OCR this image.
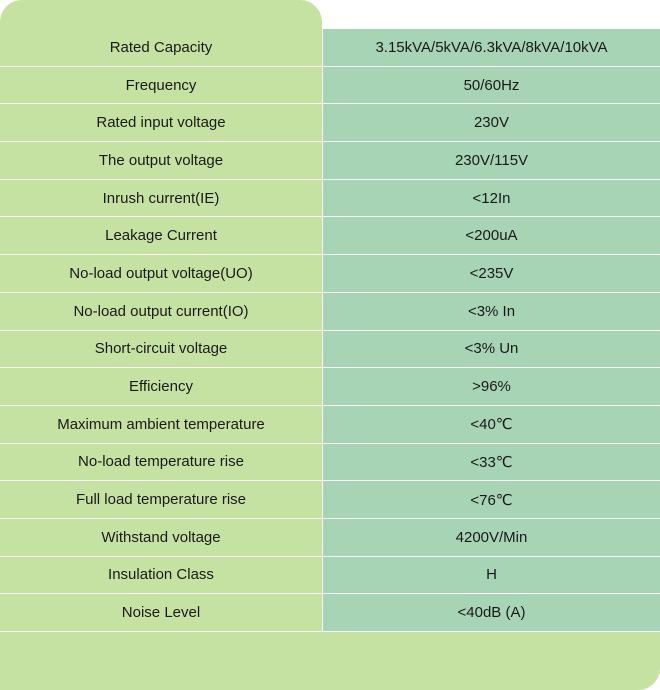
Rated Capacity	3.15kVA/5kVA/6.3kVA/8kVA/10kVA
Frequency	50/60Hz
Rated input voltage	230V
The output voltage	230V/115V
Inrush current(IE)	<12In
Leakage Current	<200uA
No-load output voltage(UO)	<235V
No-load output current(IO)	<3% In
Short-circuit voltage	<3% Un
Efficiency	>96%
Maximum ambient temperature	<40℃
No-load temperature rise	<33℃
Full load temperature rise	<76℃
Withstand voltage	4200V/Min
Insulation Class	H
Noise Level	<40dB (A)
